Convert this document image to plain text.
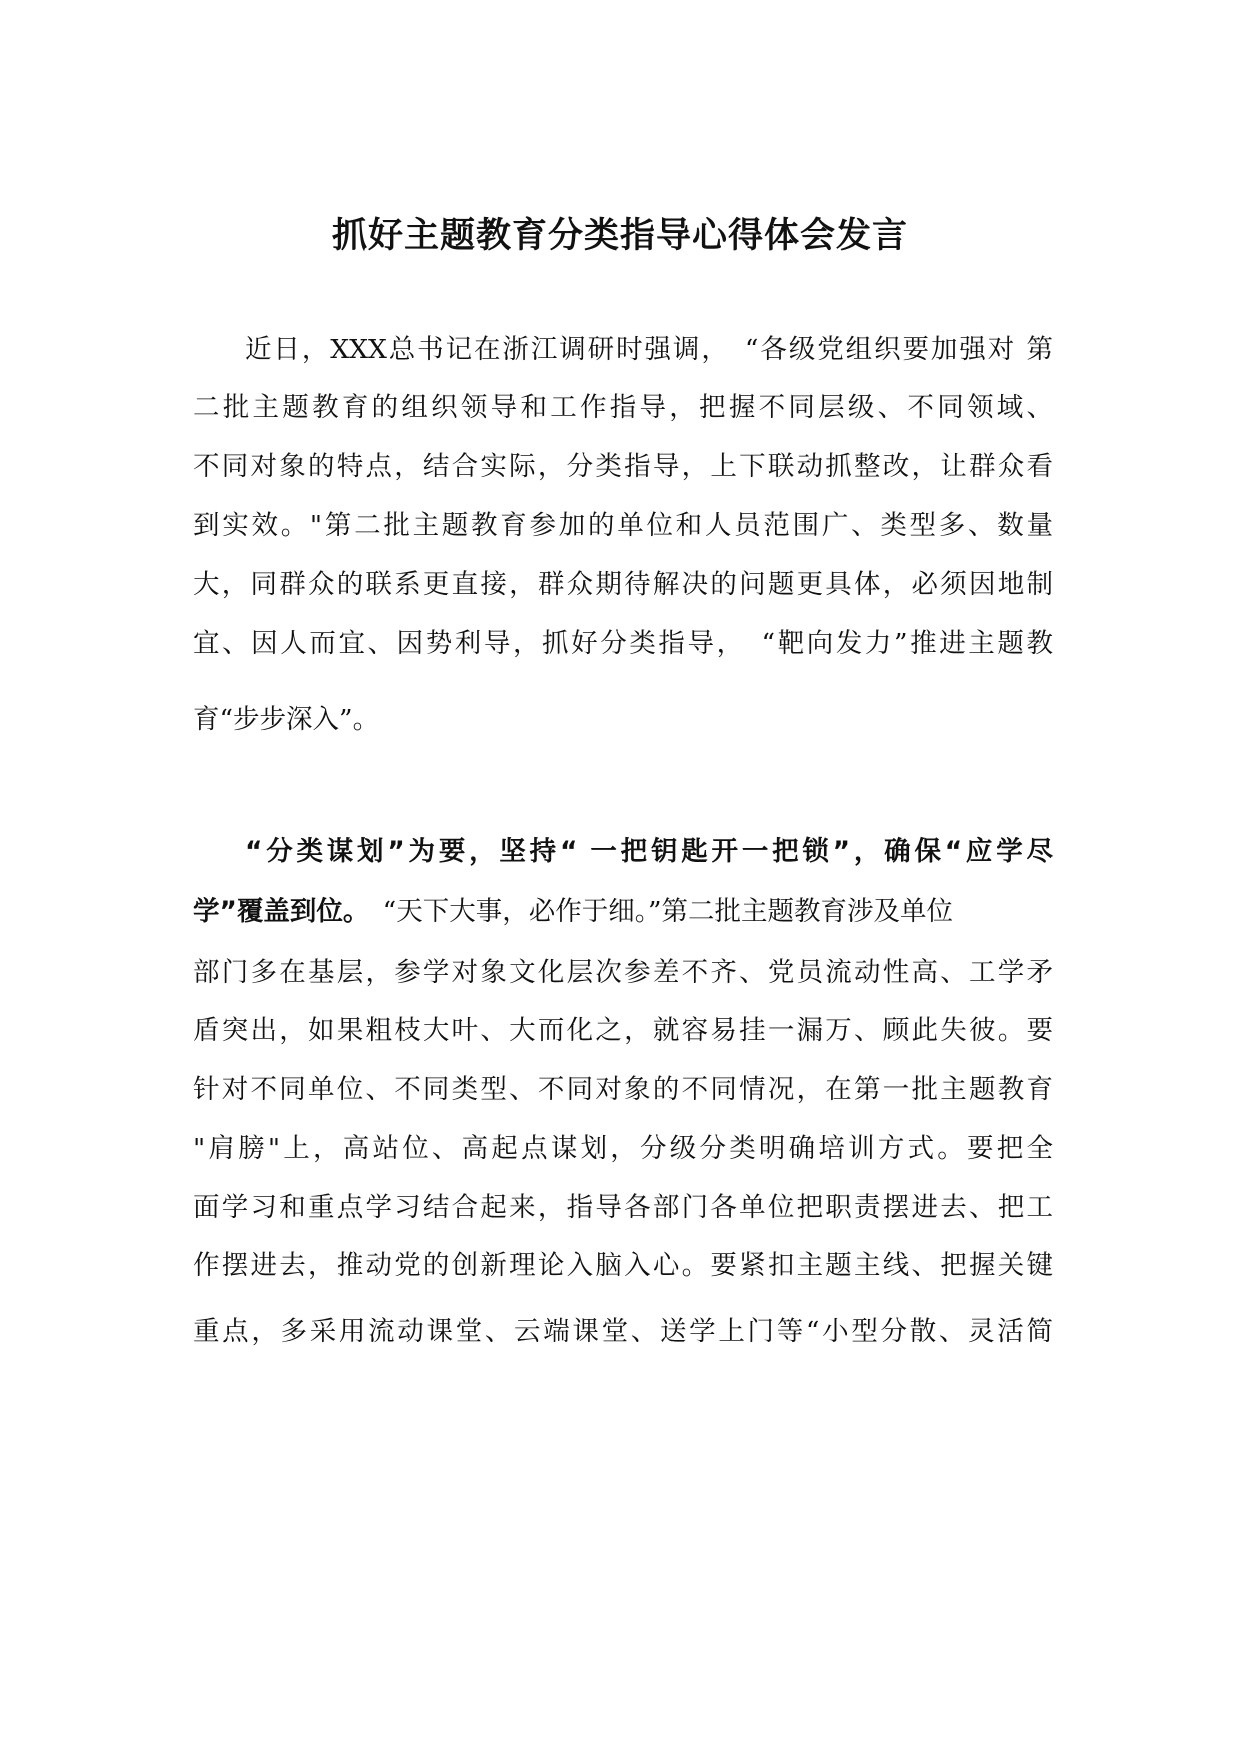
抓好主题教育分类指导心得体会发言
近日，XXX总书记在浙江调研时强调，　“各级党组织要加强对 第
二批主题教育的组织领导和工作指导，把握不同层级、不同领域、
不同对象的特点，结合实际，分类指导，上下联动抓整改，让群众看
到实效。"第二批主题教育参加的单位和人员范围广、类型多、数量
大，同群众的联系更直接，群众期待解决的问题更具体，必须因地制
宜、因人而宜、因势利导，抓好分类指导，　“靶向发力”推进主题教
育“步步深入”。
“分类谋划”为要，坚持“ 一把钥匙开一把锁”，确保“应学尽
学”覆盖到位。　“天下大事，必作于细。”第二批主题教育涉及单位
部门多在基层，参学对象文化层次参差不齐、党员流动性高、工学矛
盾突出，如果粗枝大叶、大而化之，就容易挂一漏万、顾此失彼。要
针对不同单位、不同类型、不同对象的不同情况，在第一批主题教育
"肩膀"上，高站位、高起点谋划，分级分类明确培训方式。要把全
面学习和重点学习结合起来，指导各部门各单位把职责摆进去、把工
作摆进去，推动党的创新理论入脑入心。要紧扣主题主线、把握关键
重点，多采用流动课堂、云端课堂、送学上门等“小型分散、灵活简
